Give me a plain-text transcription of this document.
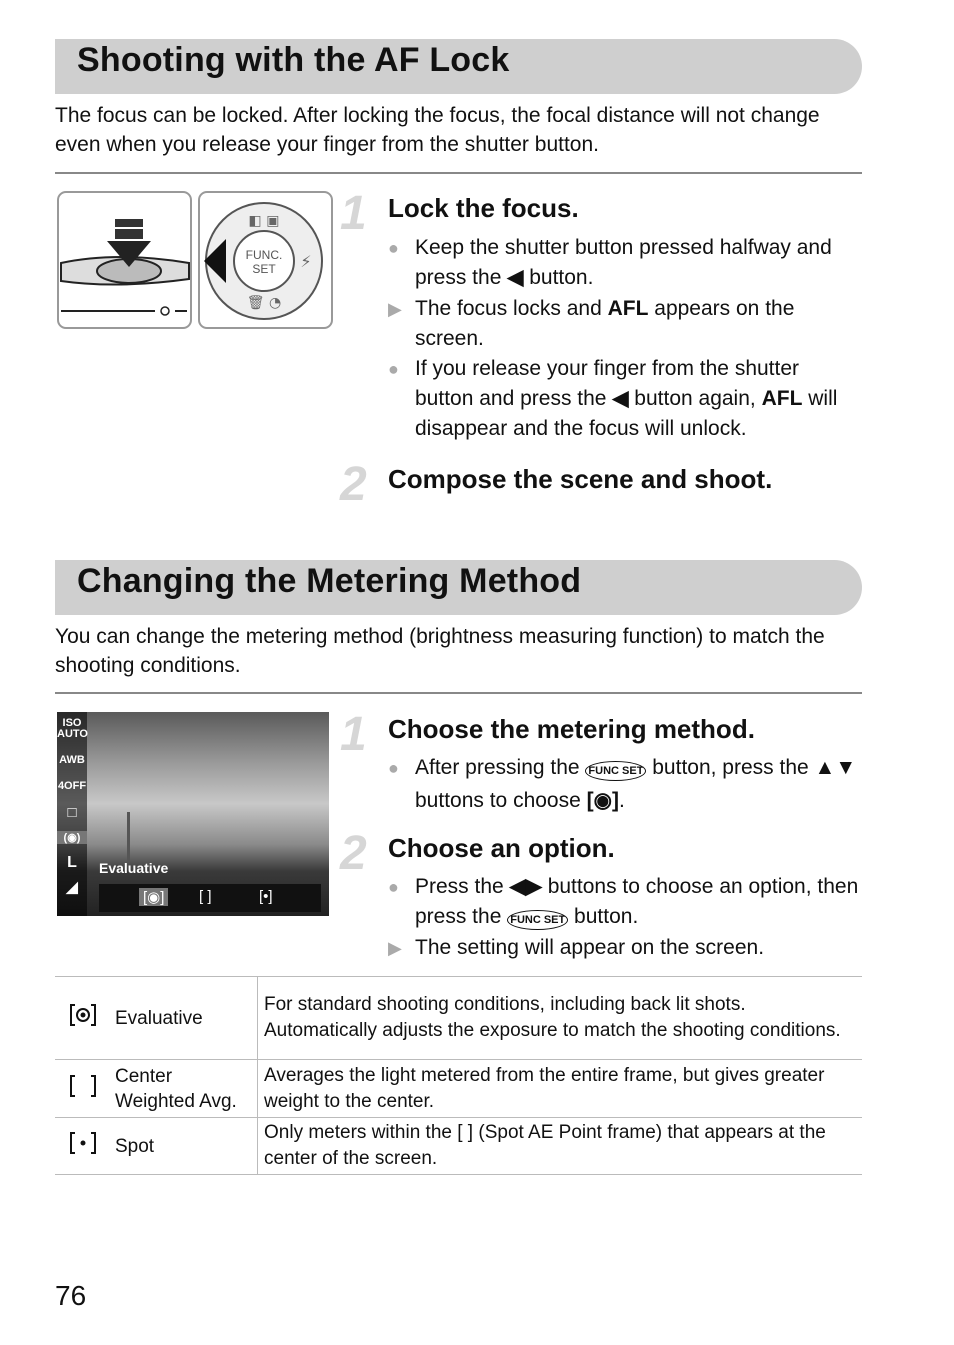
Shooting with the AF Lock

The focus can be locked. After locking the focus, the focal distance will not change even when you release your finger from the shutter button.

FUNC.
SET ⚡
◧ ▣
🗑 ◔
1 Lock the focus.
● Keep the shutter button pressed halfway and press the ◀ button.
▶ The focus locks and AFL appears on the screen.
● If you release your finger from the shutter button and press the ◀ button again, AFL will disappear and the focus will unlock.
2 Compose the scene and shoot.
Changing the Metering Method

You can change the metering method (brightness measuring function) to match the shooting conditions.

ISO AUTO
AWB
4OFF
□
(◉)
L
◢
Evaluative
[◉] [ ]	[•]
1 Choose the metering method.
● After pressing the FUNC SET button, press the ▲▼ buttons to choose [◉].
2 Choose an option.
● Press the ◀▶ buttons to choose an option, then press the FUNC SET button.
▶ The setting will appear on the screen.
	Evaluative	For standard shooting conditions, including back lit shots. Automatically adjusts the exposure to match the shooting conditions.
	Center Weighted Avg.	Averages the light metered from the entire frame, but gives greater weight to the center.
	Spot	Only meters within the [ ] (Spot AE Point frame) that appears at the center of the screen.
76
